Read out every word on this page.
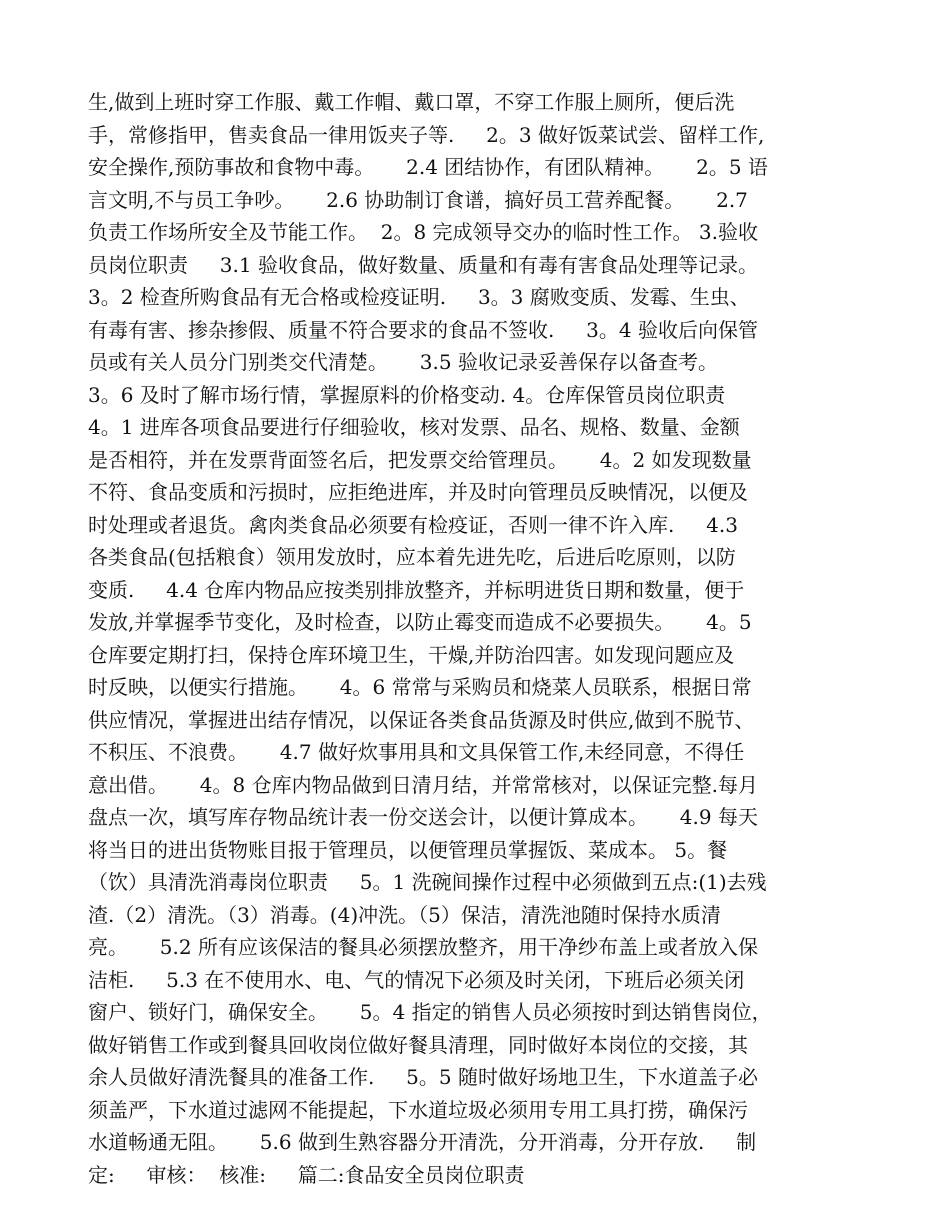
生,做到上班时穿工作服、戴工作帽、戴口罩，不穿工作服上厕所，便后洗
手，常修指甲，售卖食品一律用饭夹子等.     2。3 做好饭菜试尝、留样工作,
安全操作,预防事故和食物中毒。     2.4 团结协作，有团队精神。     2。5 语
言文明,不与员工争吵。     2.6 协助制订食谱，搞好员工营养配餐。     2.7
负责工作场所安全及节能工作。  2。8 完成领导交办的临时性工作。 3.验收
员岗位职责     3.1 验收食品，做好数量、质量和有毒有害食品处理等记录。
3。2 检查所购食品有无合格或检疫证明.     3。3 腐败变质、发霉、生虫、
有毒有害、掺杂掺假、质量不符合要求的食品不签收.     3。4 验收后向保管
员或有关人员分门别类交代清楚。     3.5 验收记录妥善保存以备查考。
3。6 及时了解市场行情，掌握原料的价格变动. 4。仓库保管员岗位职责
4。1 进库各项食品要进行仔细验收，核对发票、品名、规格、数量、金额
是否相符，并在发票背面签名后，把发票交给管理员。     4。2 如发现数量
不符、食品变质和污损时，应拒绝进库，并及时向管理员反映情况，以便及
时处理或者退货。禽肉类食品必须要有检疫证，否则一律不许入库.     4.3
各类食品(包括粮食）领用发放时，应本着先进先吃，后进后吃原则，以防
变质.     4.4 仓库内物品应按类别排放整齐，并标明进货日期和数量，便于
发放,并掌握季节变化，及时检查，以防止霉变而造成不必要损失。     4。5
仓库要定期打扫，保持仓库环境卫生，干燥,并防治四害。如发现问题应及
时反映，以便实行措施。     4。6 常常与采购员和烧菜人员联系，根据日常
供应情况，掌握进出结存情况，以保证各类食品货源及时供应,做到不脱节、
不积压、不浪费。     4.7 做好炊事用具和文具保管工作,未经同意，不得任
意出借。     4。8 仓库内物品做到日清月结，并常常核对，以保证完整.每月
盘点一次，填写库存物品统计表一份交送会计，以便计算成本。     4.9 每天
将当日的进出货物账目报于管理员，以便管理员掌握饭、菜成本。 5。餐
（饮）具清洗消毒岗位职责     5。1 洗碗间操作过程中必须做到五点:(1)去残
渣.（2）清洗。（3）消毒。(4)冲洗。（5）保洁，清洗池随时保持水质清
亮。     5.2 所有应该保洁的餐具必须摆放整齐，用干净纱布盖上或者放入保
洁柜.     5.3 在不使用水、电、气的情况下必须及时关闭，下班后必须关闭
窗户、锁好门，确保安全。     5。4 指定的销售人员必须按时到达销售岗位，
做好销售工作或到餐具回收岗位做好餐具清理，同时做好本岗位的交接，其
余人员做好清洗餐具的准备工作.     5。5 随时做好场地卫生，下水道盖子必
须盖严，下水道过滤网不能提起，下水道垃圾必须用专用工具打捞，确保污
水道畅通无阻。     5.6 做到生熟容器分开清洗，分开消毒，分开存放.     制
定:     审核：  核准:     篇二:食品安全员岗位职责
